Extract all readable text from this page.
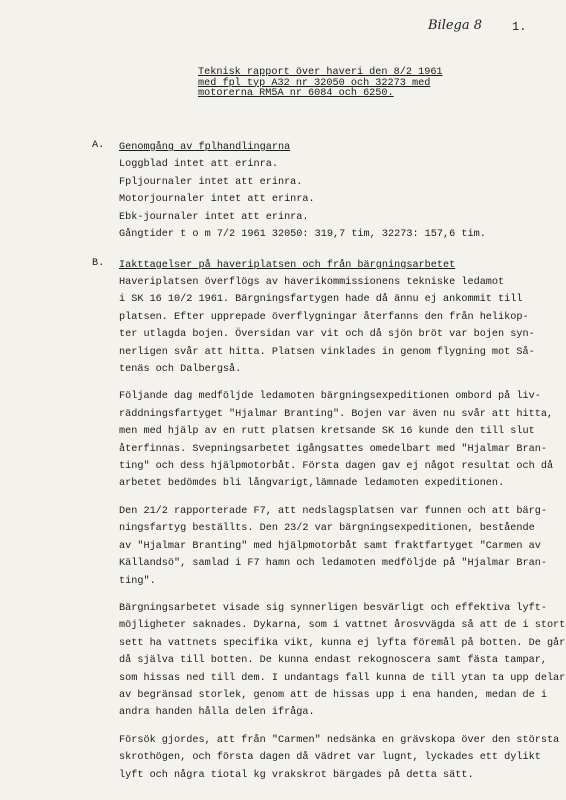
Bilega 8 1.
Teknisk rapport över haveri den 8/2 1961
med fpl typ A32 nr 32050 och 32273 med
motorerna RM5A nr 6084 och 6250.
A. Genomgång av fplhandlingarna
Loggblad intet att erinra.
Fpljournaler intet att erinra.
Motorjournaler intet att erinra.
Ebk-journaler intet att erinra.
Gångtider t o m 7/2 1961 32050: 319,7 tim, 32273: 157,6 tim.
B. Iakttagelser på haveriplatsen och från bärgningsarbetet
Haveriplatsen överflögs av haverikommissionens tekniske ledamot
i SK 16 10/2 1961. Bärgningsfartygen hade då ännu ej ankommit till
platsen. Efter upprepade överflygningar återfanns den från helikop-
ter utlagda bojen. Översidan var vit och då sjön bröt var bojen syn-
nerligen svår att hitta. Platsen vinklades in genom flygning mot Så-
tenäs och Dalbergså.
Följande dag medföljde ledamoten bärgningsexpeditionen ombord på liv-
räddningsfartyget "Hjalmar Branting". Bojen var även nu svår att hitta,
men med hjälp av en rutt platsen kretsande SK 16 kunde den till slut
återfinnas. Svepningsarbetet igångsattes omedelbart med "Hjalmar Bran-
ting" och dess hjälpmotorbåt. Första dagen gav ej något resultat och då
arbetet bedömdes bli långvarigt,lämnade ledamoten expeditionen.
Den 21/2 rapporterade F7, att nedslagsplatsen var funnen och att bärg-
ningsfartyg beställts. Den 23/2 var bärgningsexpeditionen, bestående
av "Hjalmar Branting" med hjälpmotorbåt samt fraktfartyget "Carmen av
Källandsö", samlad i F7 hamn och ledamoten medföljde på "Hjalmar Bran-
ting".
Bärgningsarbetet visade sig synnerligen besvärligt och effektiva lyft-
möjligheter saknades. Dykarna, som i vattnet årosvvägda så att de i stort
sett ha vattnets specifika vikt, kunna ej lyfta föremål på botten. De går
då själva till botten. De kunna endast rekognoscera samt fästa tampar,
som hissas ned till dem. I undantags fall kunna de till ytan ta upp delar
av begränsad storlek, genom att de hissas upp i ena handen, medan de i
andra handen hålla delen ifråga.
Försök gjordes, att från "Carmen" nedsänka en grävskopa över den största
skrothögen, och första dagen då vädret var lugnt, lyckades ett dylikt
lyft och några tiotal kg vrakskrot bärgades på detta sätt.
